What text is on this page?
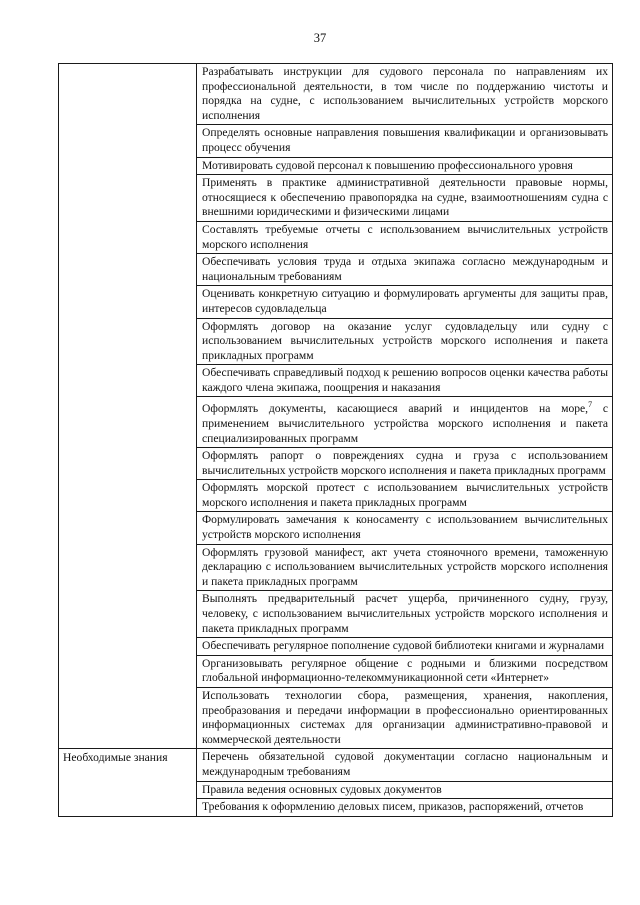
37
	Разрабатывать инструкции для судового персонала по направлениям их профессиональной деятельности, в том числе по поддержанию чистоты и порядка на судне, с использованием вычислительных устройств морского исполнения
	Определять основные направления повышения квалификации и организовывать процесс обучения
	Мотивировать судовой персонал к повышению профессионального уровня
	Применять в практике административной деятельности правовые нормы, относящиеся к обеспечению правопорядка на судне, взаимоотношениям судна с внешними юридическими и физическими лицами
	Составлять требуемые отчеты с использованием вычислительных устройств морского исполнения
	Обеспечивать условия труда и отдыха экипажа согласно международным и национальным требованиям
	Оценивать конкретную ситуацию и формулировать аргументы для защиты прав, интересов судовладельца
	Оформлять договор на оказание услуг судовладельцу или судну с использованием вычислительных устройств морского исполнения и пакета прикладных программ
	Обеспечивать справедливый подход к решению вопросов оценки качества работы каждого члена экипажа, поощрения и наказания
	Оформлять документы, касающиеся аварий и инцидентов на море,$^7$ с применением вычислительного устройства морского исполнения и пакета специализированных программ
	Оформлять рапорт о повреждениях судна и груза с использованием вычислительных устройств морского исполнения и пакета прикладных программ
	Оформлять морской протест с использованием вычислительных устройств морского исполнения и пакета прикладных программ
	Формулировать замечания к коносаменту с использованием вычислительных устройств морского исполнения
	Оформлять грузовой манифест, акт учета стояночного времени, таможенную декларацию с использованием вычислительных устройств морского исполнения и пакета прикладных программ
	Выполнять предварительный расчет ущерба, причиненного судну, грузу, человеку, с использованием вычислительных устройств морского исполнения и пакета прикладных программ
	Обеспечивать регулярное пополнение судовой библиотеки книгами и журналами
	Организовывать регулярное общение с родными и близкими посредством глобальной информационно-телекоммуникационной сети «Интернет»
	Использовать технологии сбора, размещения, хранения, накопления, преобразования и передачи информации в профессионально ориентированных информационных системах для организации административно-правовой и коммерческой деятельности
Необходимые знания	Перечень обязательной судовой документации согласно национальным и международным требованиям
	Правила ведения основных судовых документов
	Требования к оформлению деловых писем, приказов, распоряжений, отчетов
